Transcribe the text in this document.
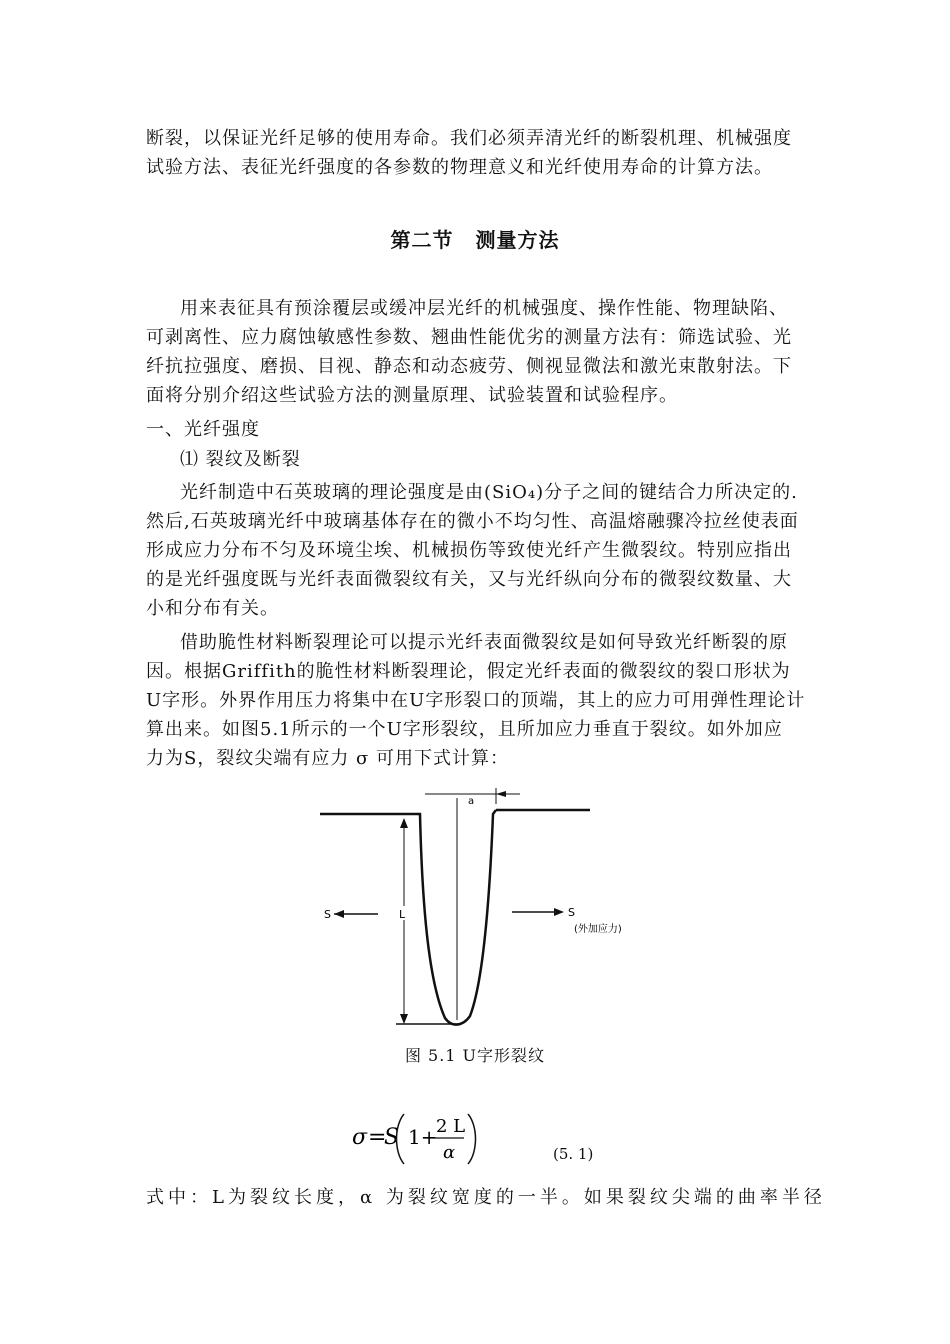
断裂，以保证光纤足够的使用寿命。我们必须弄清光纤的断裂机理、机械强度
试验方法、表征光纤强度的各参数的物理意义和光纤使用寿命的计算方法。
第二节 测量方法
用来表征具有预涂覆层或缓冲层光纤的机械强度、操作性能、物理缺陷、
可剥离性、应力腐蚀敏感性参数、翘曲性能优劣的测量方法有：筛选试验、光
纤抗拉强度、磨损、目视、静态和动态疲劳、侧视显微法和激光束散射法。下
面将分别介绍这些试验方法的测量原理、试验装置和试验程序。
一、光纤强度
⑴ 裂纹及断裂
光纤制造中石英玻璃的理论强度是由(SiO₄)分子之间的键结合力所决定的.
然后,石英玻璃光纤中玻璃基体存在的微小不均匀性、高温熔融骤冷拉丝使表面
形成应力分布不匀及环境尘埃、机械损伤等致使光纤产生微裂纹。特别应指出
的是光纤强度既与光纤表面微裂纹有关，又与光纤纵向分布的微裂纹数量、大
小和分布有关。
借助脆性材料断裂理论可以提示光纤表面微裂纹是如何导致光纤断裂的原
因。根据Griffith的脆性材料断裂理论，假定光纤表面的微裂纹的裂口形状为
U字形。外界作用压力将集中在U字形裂口的顶端，其上的应力可用弹性理论计
算出来。如图5.1所示的一个U字形裂纹，且所加应力垂直于裂纹。如外加应
力为S，裂纹尖端有应力 σ 可用下式计算：
a
L
S	S
(外加应力)
图 5.1 U字形裂纹
σ =
S 1+
2 L
α	(5. 1)
式中：L为裂纹长度，α 为裂纹宽度的一半。如果裂纹尖端的曲率半径
